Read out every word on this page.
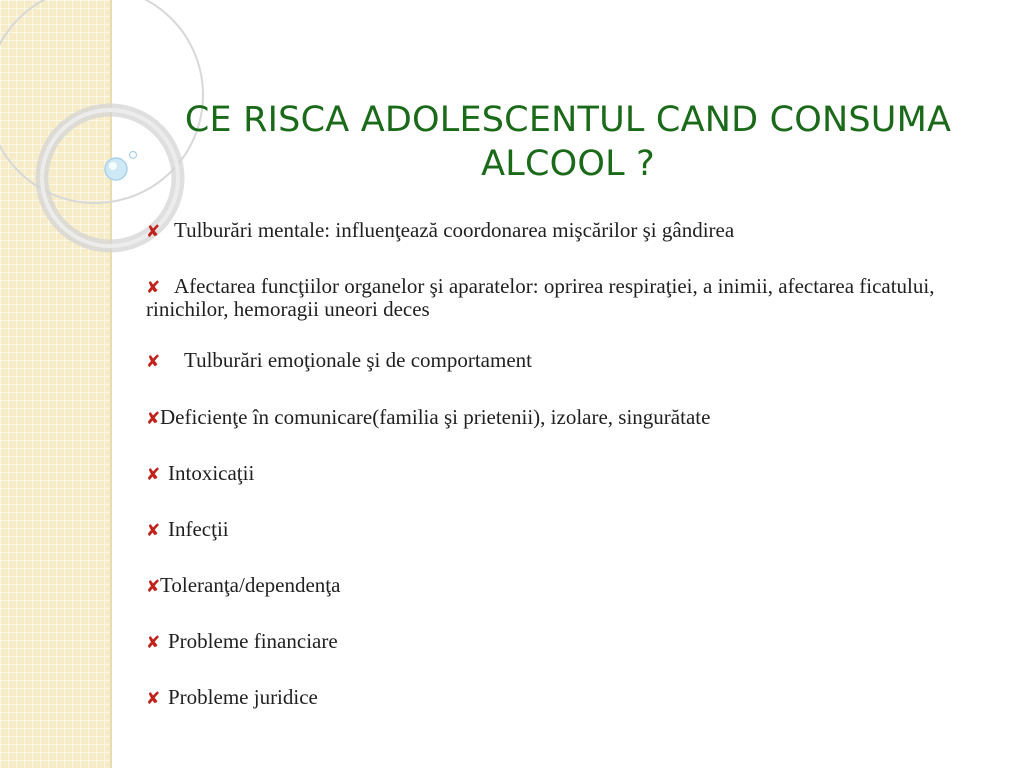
CE RISCA ADOLESCENTUL CAND CONSUMA ALCOOL ?
✘ Tulburări mentale: influenţează coordonarea mişcărilor şi gândirea
✘ Afectarea funcţiilor organelor şi aparatelor: oprirea respiraţiei, a inimii, afectarea ficatului, rinichilor, hemoragii uneori deces
✘ Tulburări emoţionale şi de comportament
✘Deficienţe în comunicare(familia şi prietenii), izolare, singurătate
✘ Intoxicaţii
✘ Infecţii
✘Toleranţa/dependenţa
✘ Probleme financiare
✘ Probleme juridice
